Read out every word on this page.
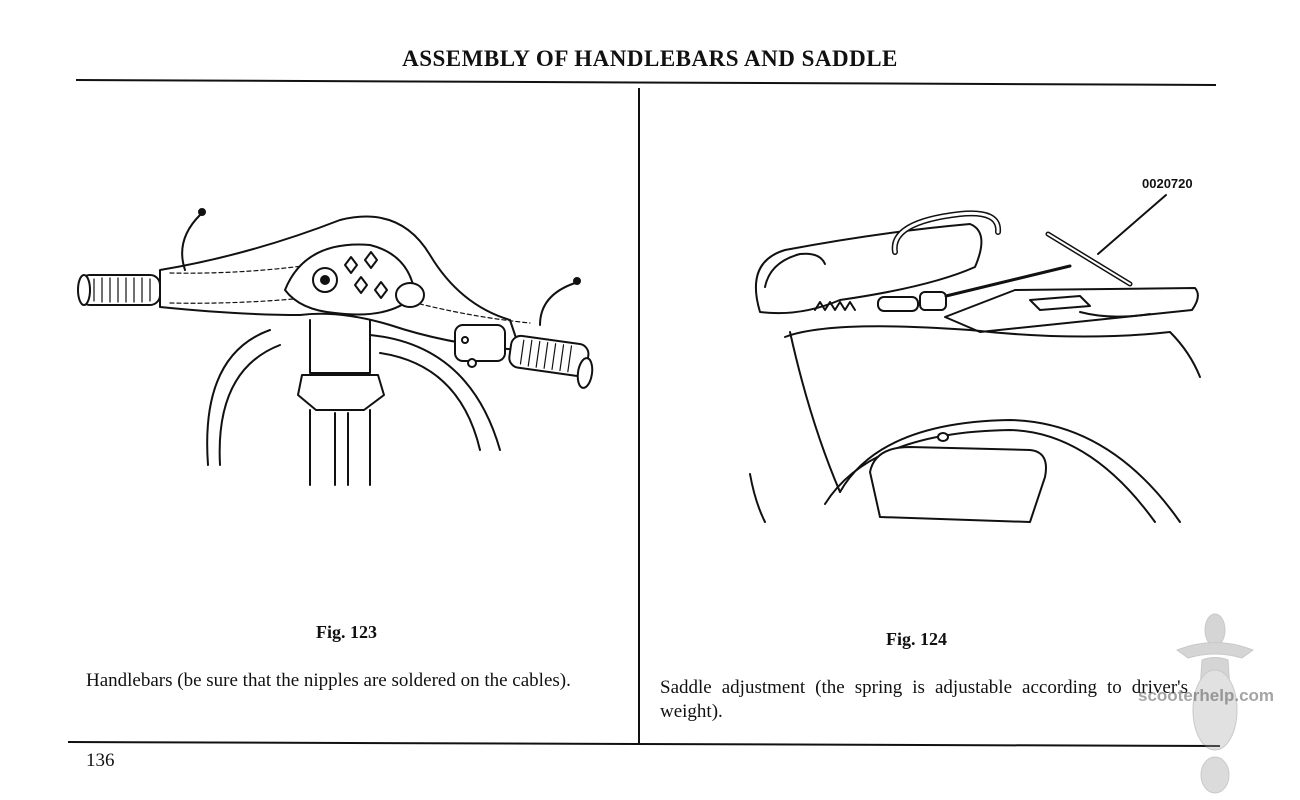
ASSEMBLY OF HANDLEBARS AND SADDLE
Fig. 123
Handlebars (be sure that the nipples are soldered on the cables).
0020720
Fig. 124
Saddle adjustment (the spring is adjustable according to driver's weight).
136
scooterhelp.com
